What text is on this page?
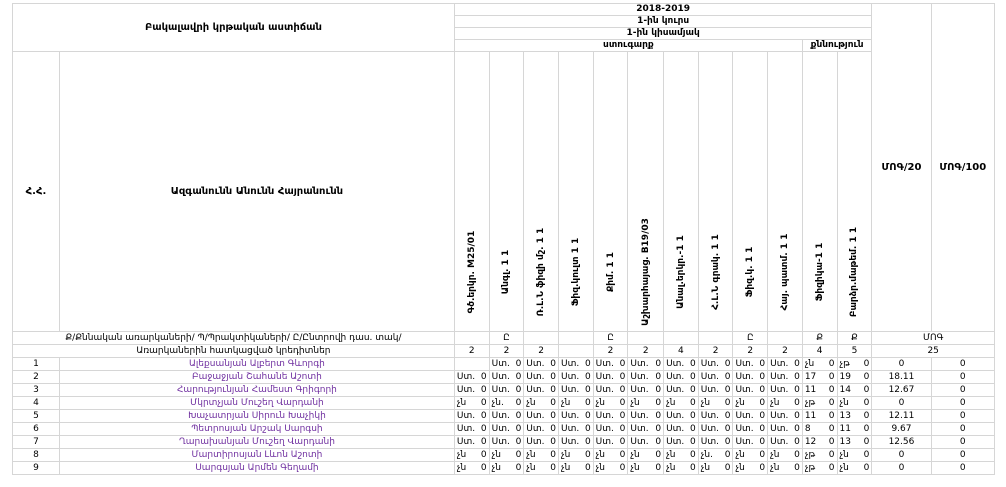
Բակալավրի կրթական աստիճան		2018-2019												ՄՈԳ/20	ՄՈԳ/100
		1-ին կուրս													
		1-ին կիսամյակ													
		ստուգարք										քննություն			
Հ.Հ.	Ազգանունն Անունն Հայրանունն	Գծ.երկր. M25/01	Անգլ. 1 1	Ռ.Լ.Ն ֆիզի մշ. 1 1	Ֆիզ.կուլտ 1 1	Քիմ. 1 1	Աշխարհայաց. B19/03	Անալ.երկր.-1 1	Հ.Լ.Ն գրակ. 1 1	Ֆիզ.կ. 1 1	Հայ. պատմ. 1 1	Ֆիզիկա-1 1	Բարձր.մաթեմ. 1 1		

Ք/Քննական առարկաների/ Պ/Պրակտիկաների/ Ը/Ընտրովի դաս. տակ/			Ը			Ը				Ը		Ք	Ք	ՄՈԳ	
Առարկաներին հատկացված կրեդիտներ		2	2	2		2	2	4	2	2	2	4	5	25	
1	Ալեքսանյան Ալբերտ Գևորգի		Ստ. 0	Ստ. 0	Ստ. 0	Ստ. 0	Ստ. 0	Ստ. 0	Ստ. 0	Ստ. 0	Ստ. 0	չն 0	չթ 0	0	0
2	Բաջաջյան Շահանե Աշոտի	Ստ. 0	Ստ. 0	Ստ. 0	Ստ. 0	Ստ. 0	Ստ. 0	Ստ. 0	Ստ. 0	Ստ. 0	Ստ. 0	17 0	19 0	18.11	0
3	Հարությունյան Համեստ Գրիգորի	Ստ. 0	Ստ. 0	Ստ. 0	Ստ. 0	Ստ. 0	Ստ. 0	Ստ. 0	Ստ. 0	Ստ. 0	Ստ. 0	11 0	14 0	12.67	0
4	Մկրտչյան Մուշեղ Վարդանի	չն 0	չն. 0	չն 0	չն 0	չն 0	չն 0	չն 0	չն 0	չն 0	չն 0	չթ 0	չն 0	0	0
5	Խաչատրյան Սիրուն Խաչիկի	Ստ. 0	Ստ. 0	Ստ. 0	Ստ. 0	Ստ. 0	Ստ. 0	Ստ. 0	Ստ. 0	Ստ. 0	Ստ. 0	11 0	13 0	12.11	0
6	Պետրոսյան Արշակ Սարգսի	Ստ. 0	Ստ. 0	Ստ. 0	Ստ. 0	Ստ. 0	Ստ. 0	Ստ. 0	Ստ. 0	Ստ. 0	Ստ. 0	8 0	11 0	9.67	0
7	Ղարախանյան Մուշեղ Վարդանի	Ստ. 0	Ստ. 0	Ստ. 0	Ստ. 0	Ստ. 0	Ստ. 0	Ստ. 0	Ստ. 0	Ստ. 0	Ստ. 0	12 0	13 0	12.56	0
8	Մարտիրոսյան Լևոն Աշոտի	չն 0	չն 0	չն 0	չն 0	չն 0	չն 0	չն 0	չն. 0	չն 0	չն 0	չթ 0	չն 0	0	0
9	Սարգսյան Արմեն Գեղամի	չն 0	չն 0	չն 0	չն 0	չն 0	չն 0	չն 0	չն 0	չն 0	չն 0	չթ 0	չն 0	0	0
